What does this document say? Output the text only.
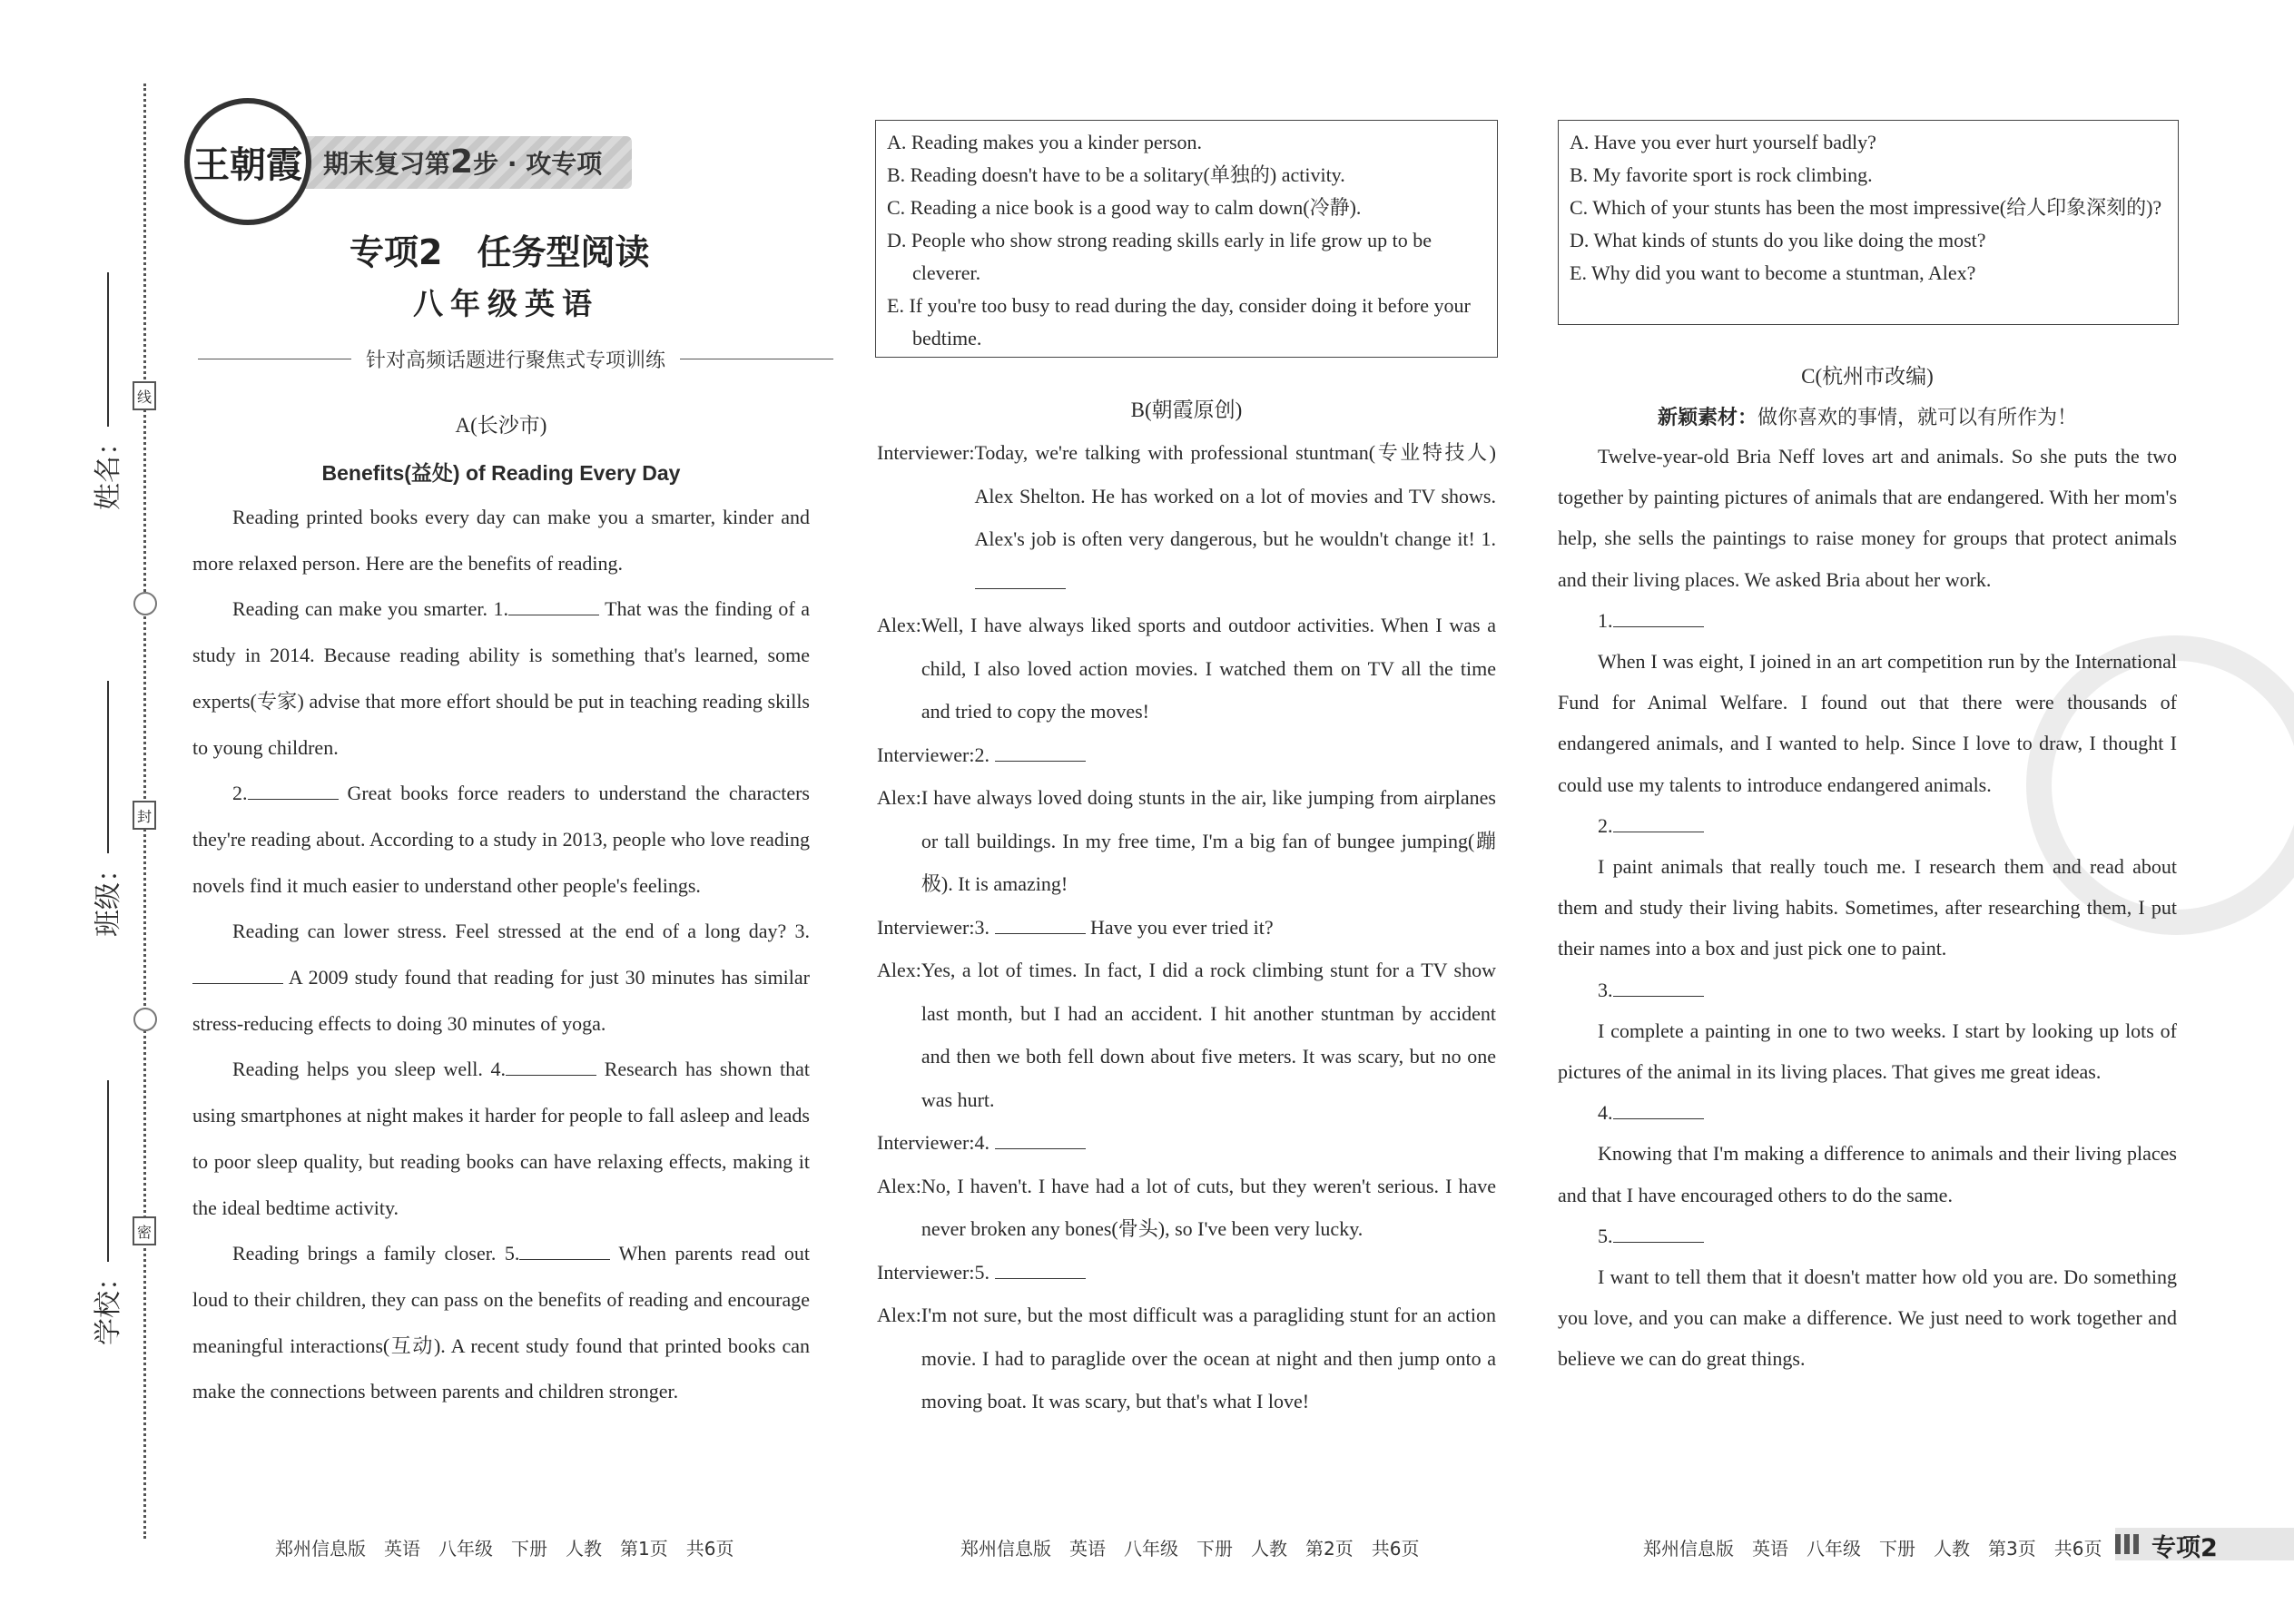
姓名：
班级：
学校：
线
封
密
期末复习第2步 · 攻专项
王朝霞
专项2　任务型阅读
八年级英语
针对高频话题进行聚焦式专项训练
A(长沙市)
Benefits(益处) of Reading Every Day

Reading printed books every day can make you a smarter, kinder and more relaxed person. Here are the benefits of reading.

Reading can make you smarter. 1.	That was the finding of a study in 2014. Because reading ability is something that's learned, some experts(专家) advise that more effort should be put in teaching reading skills to young children.

2.	Great books force readers to understand the characters they're reading about. According to a study in 2013, people who love reading novels find it much easier to understand other people's feelings.

Reading can lower stress. Feel stressed at the end of a long day? 3. A 2009 study found that reading for just 30 minutes has similar stress-reducing effects to doing 30 minutes of yoga.

Reading helps you sleep well. 4.	Research has shown that using smartphones at night makes it harder for people to fall asleep and leads to poor sleep quality, but reading books can have relaxing effects, making it the ideal bedtime activity.

Reading brings a family closer. 5.	When parents read out loud to their children, they can pass on the benefits of reading and encourage meaningful interactions(互动). A recent study found that printed books can make the connections between parents and children stronger.

A. Reading makes you a kinder person.

B. Reading doesn't have to be a solitary(单独的) activity.

C. Reading a nice book is a good way to calm down(冷静).

D. People who show strong reading skills early in life grow up to be cleverer.

E. If you're too busy to read during the day, consider doing it before your bedtime.

B(朝霞原创)
Interviewer: Today, we're talking with professional stuntman(专业特技人) Alex Shelton. He has worked on a lot of movies and TV shows. Alex's job is often very dangerous, but he wouldn't change it! 1.
Alex: Well, I have always liked sports and outdoor activities. When I was a child, I also loved action movies. I watched them on TV all the time and tried to copy the moves!
Interviewer: 2.
Alex: I have always loved doing stunts in the air, like jumping from airplanes or tall buildings. In my free time, I'm a big fan of bungee jumping(蹦极). It is amazing!
Interviewer: 3.	Have you ever tried it?
Alex: Yes, a lot of times. In fact, I did a rock climbing stunt for a TV show last month, but I had an accident. I hit another stuntman by accident and then we both fell down about five meters. It was scary, but no one was hurt.
Interviewer: 4.
Alex: No, I haven't. I have had a lot of cuts, but they weren't serious. I have never broken any bones(骨头), so I've been very lucky.
Interviewer: 5.
Alex: I'm not sure, but the most difficult was a paragliding stunt for an action movie. I had to paraglide over the ocean at night and then jump onto a moving boat. It was scary, but that's what I love!

A. Have you ever hurt yourself badly?

B. My favorite sport is rock climbing.

C. Which of your stunts has been the most impressive(给人印象深刻的)?

D. What kinds of stunts do you like doing the most?

E. Why did you want to become a stuntman, Alex?

C(杭州市改编)
新颖素材：做你喜欢的事情，就可以有所作为！

Twelve-year-old Bria Neff loves art and animals. So she puts the two together by painting pictures of animals that are endangered. With her mom's help, she sells the paintings to raise money for groups that protect animals and their living places. We asked Bria about her work.

1.

When I was eight, I joined in an art competition run by the International Fund for Animal Welfare. I found out that there were thousands of endangered animals, and I wanted to help. Since I love to draw, I thought I could use my talents to introduce endangered animals.

2.

I paint animals that really touch me. I research them and read about them and study their living habits. Sometimes, after researching them, I put their names into a box and just pick one to paint.

3.

I complete a painting in one to two weeks. I start by looking up lots of pictures of the animal in its living places. That gives me great ideas.

4.

Knowing that I'm making a difference to animals and their living places and that I have encouraged others to do the same.

5.

I want to tell them that it doesn't matter how old you are. Do something you love, and you can make a difference. We just need to work together and believe we can do great things.

郑州信息版　英语　八年级　下册　人教　第1页　共6页	郑州信息版　英语　八年级　下册　人教　第2页　共6页	郑州信息版　英语　八年级　下册　人教　第3页　共6页 专项2
